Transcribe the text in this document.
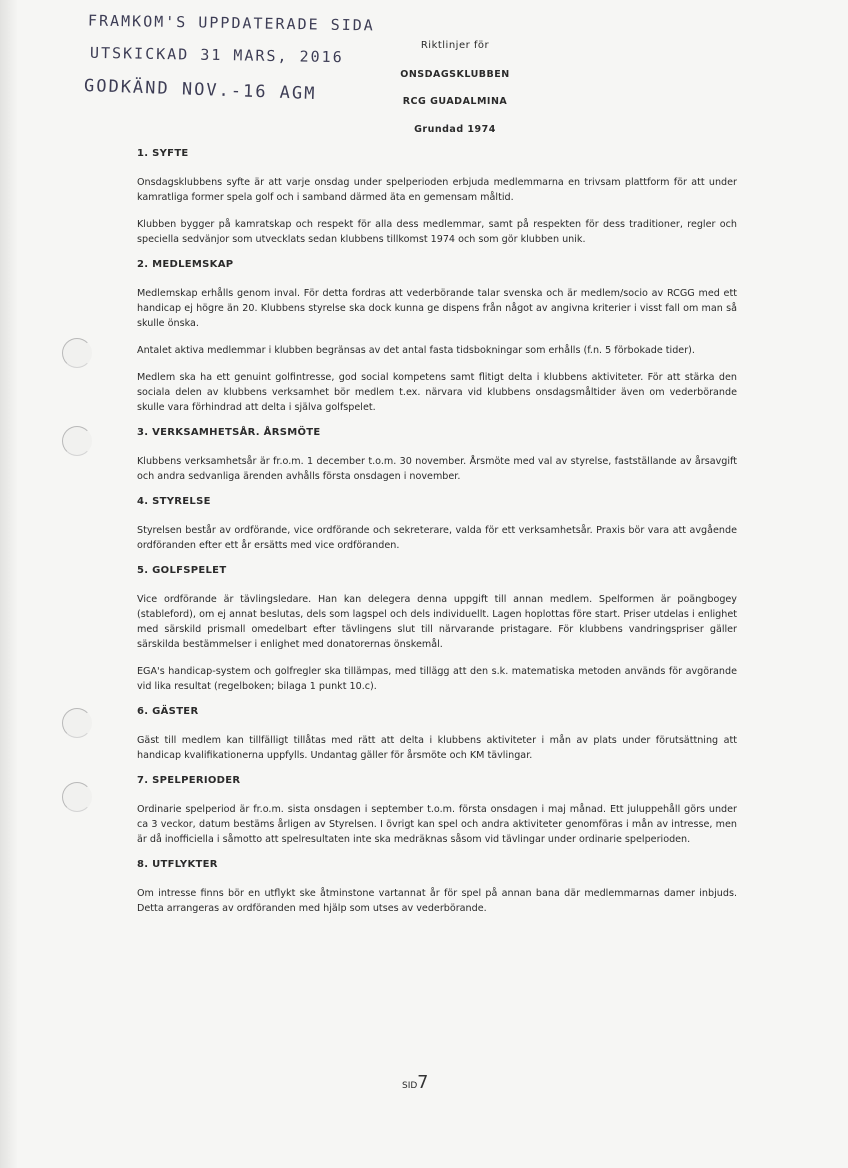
FRAMKOM'S UPPDATERADE SIDA
UTSKICKAD 31 MARS, 2016
GODKÄND NOV.-16 AGM
Riktlinjer för
ONSDAGSKLUBBEN
RCG GUADALMINA
Grundad 1974
1. SYFTE

Onsdagsklubbens syfte är att varje onsdag under spelperioden erbjuda medlemmarna en trivsam plattform för att under kamratliga former spela golf och i samband därmed äta en gemensam måltid.

Klubben bygger på kamratskap och respekt för alla dess medlemmar, samt på respekten för dess traditioner, regler och speciella sedvänjor som utvecklats sedan klubbens tillkomst 1974 och som gör klubben unik.

2. MEDLEMSKAP

Medlemskap erhålls genom inval. För detta fordras att vederbörande talar svenska och är medlem/socio av RCGG med ett handicap ej högre än 20. Klubbens styrelse ska dock kunna ge dispens från något av angivna kriterier i visst fall om man så skulle önska.

Antalet aktiva medlemmar i klubben begränsas av det antal fasta tidsbokningar som erhålls (f.n. 5 förbokade tider).

Medlem ska ha ett genuint golfintresse, god social kompetens samt flitigt delta i klubbens aktiviteter. För att stärka den sociala delen av klubbens verksamhet bör medlem t.ex. närvara vid klubbens onsdagsmåltider även om vederbörande skulle vara förhindrad att delta i själva golfspelet.

3. VERKSAMHETSÅR. ÅRSMÖTE

Klubbens verksamhetsår är fr.o.m. 1 december t.o.m. 30 november. Årsmöte med val av styrelse, fastställande av årsavgift och andra sedvanliga ärenden avhålls första onsdagen i november.

4. STYRELSE

Styrelsen består av ordförande, vice ordförande och sekreterare, valda för ett verksamhetsår. Praxis bör vara att avgående ordföranden efter ett år ersätts med vice ordföranden.

5. GOLFSPELET

Vice ordförande är tävlingsledare. Han kan delegera denna uppgift till annan medlem. Spelformen är poängbogey (stableford), om ej annat beslutas, dels som lagspel och dels individuellt. Lagen hoplottas före start. Priser utdelas i enlighet med särskild prismall omedelbart efter tävlingens slut till närvarande pristagare. För klubbens vandringspriser gäller särskilda bestämmelser i enlighet med donatorernas önskemål.

EGA's handicap-system och golfregler ska tillämpas, med tillägg att den s.k. matematiska metoden används för avgörande vid lika resultat (regelboken; bilaga 1 punkt 10.c).

6. GÄSTER

Gäst till medlem kan tillfälligt tillåtas med rätt att delta i klubbens aktiviteter i mån av plats under förutsättning att handicap kvalifikationerna uppfylls. Undantag gäller för årsmöte och KM tävlingar.

7. SPELPERIODER

Ordinarie spelperiod är fr.o.m. sista onsdagen i september t.o.m. första onsdagen i maj månad. Ett juluppehåll görs under ca 3 veckor, datum bestäms årligen av Styrelsen. I övrigt kan spel och andra aktiviteter genomföras i mån av intresse, men är då inofficiella i såmotto att spelresultaten inte ska medräknas såsom vid tävlingar under ordinarie spelperioden.

8. UTFLYKTER

Om intresse finns bör en utflykt ske åtminstone vartannat år för spel på annan bana där medlemmarnas damer inbjuds. Detta arrangeras av ordföranden med hjälp som utses av vederbörande.

SID7
